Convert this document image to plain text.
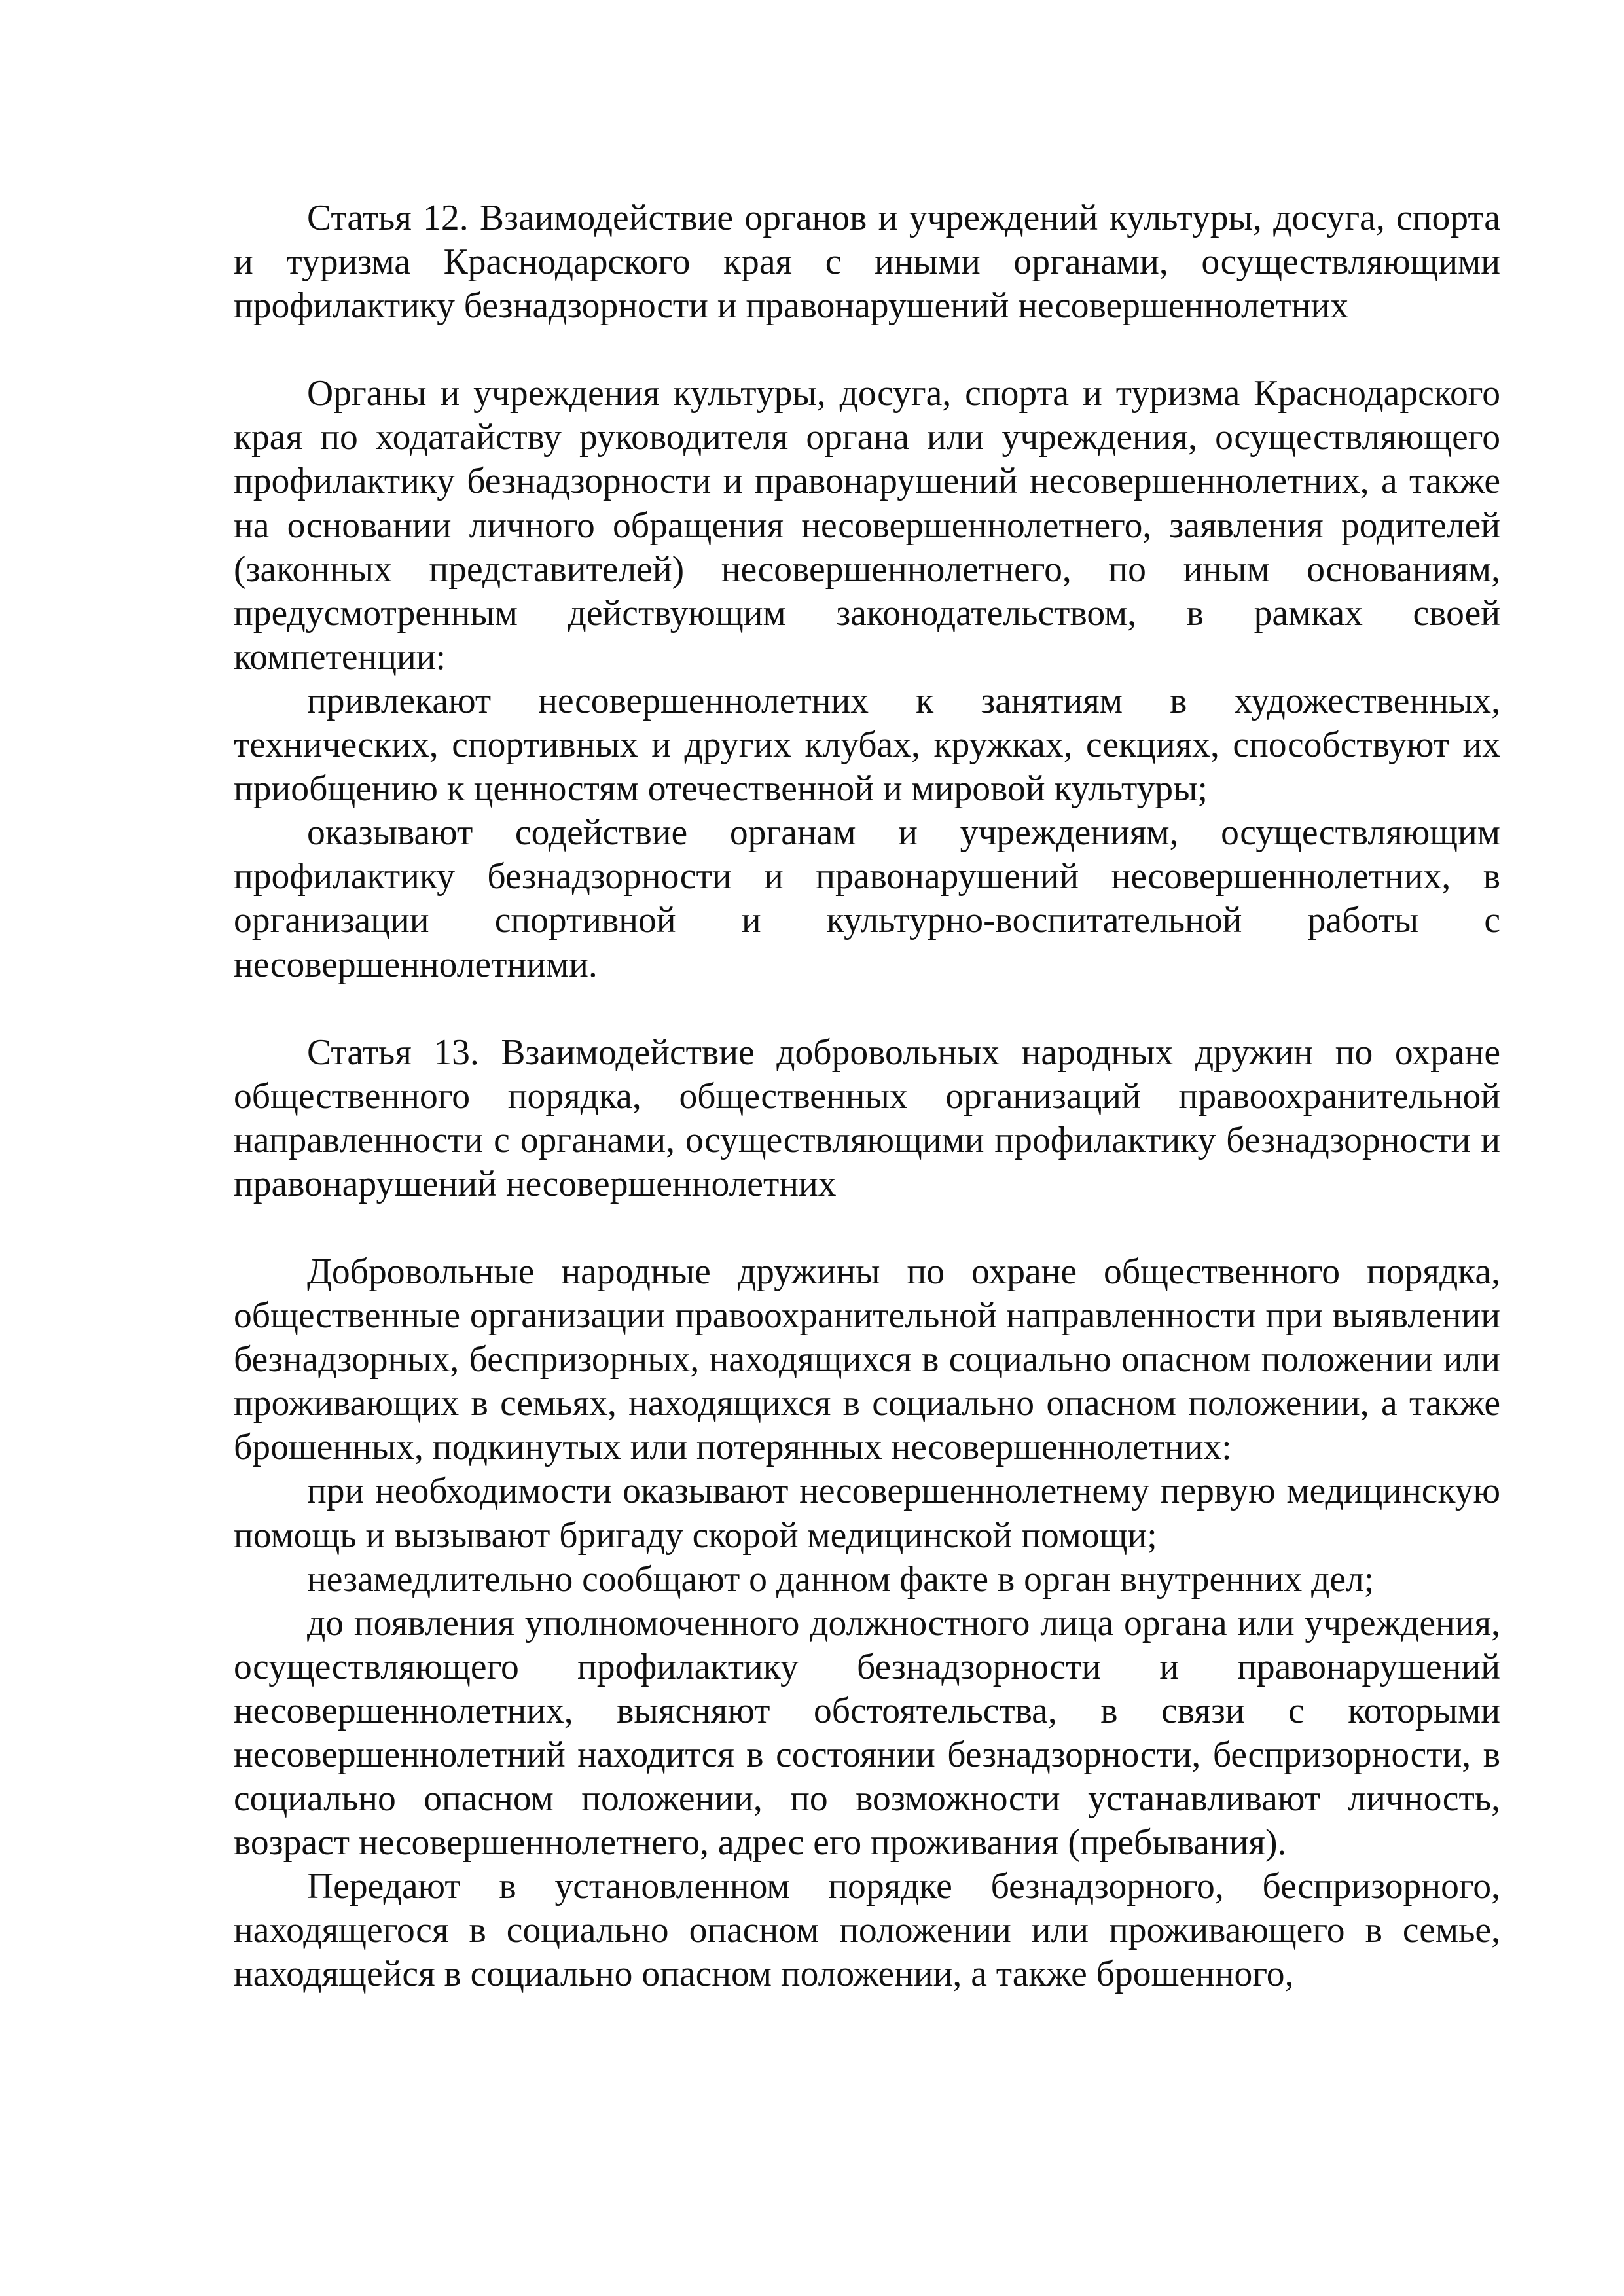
Статья 12. Взаимодействие органов и учреждений культуры, досуга, спорта и туризма Краснодарского края с иными органами, осуществляющими профилактику безнадзорности и правонарушений несовершеннолетних

Органы и учреждения культуры, досуга, спорта и туризма Краснодарского края по ходатайству руководителя органа или учреждения, осуществляющего профилактику безнадзорности и правонарушений несовершеннолетних, а также на основании личного обращения несовершеннолетнего, заявления родителей (законных представителей) несовершеннолетнего, по иным основаниям, предусмотренным действующим законодательством, в рамках своей компетенции:

привлекают несовершеннолетних к занятиям в художественных, технических, спортивных и других клубах, кружках, секциях, способствуют их приобщению к ценностям отечественной и мировой культуры;

оказывают содействие органам и учреждениям, осуществляющим профилактику безнадзорности и правонарушений несовершеннолетних, в организации спортивной и культурно-воспитательной работы с несовершеннолетними.

Статья 13. Взаимодействие добровольных народных дружин по охране общественного порядка, общественных организаций правоохранительной направленности с органами, осуществляющими профилактику безнадзорности и правонарушений несовершеннолетних

Добровольные народные дружины по охране общественного порядка, общественные организации правоохранительной направленности при выявлении безнадзорных, беспризорных, находящихся в социально опасном положении или проживающих в семьях, находящихся в социально опасном положении, а также брошенных, подкинутых или потерянных несовершеннолетних:

при необходимости оказывают несовершеннолетнему первую медицинскую помощь и вызывают бригаду скорой медицинской помощи;

незамедлительно сообщают о данном факте в орган внутренних дел;

до появления уполномоченного должностного лица органа или учреждения, осуществляющего профилактику безнадзорности и правонарушений несовершеннолетних, выясняют обстоятельства, в связи с которыми несовершеннолетний находится в состоянии безнадзорности, беспризорности, в социально опасном положении, по возможности устанавливают личность, возраст несовершеннолетнего, адрес его проживания (пребывания).

Передают в установленном порядке безнадзорного, беспризорного, находящегося в социально опасном положении или проживающего в семье, находящейся в социально опасном положении, а также брошенного,
